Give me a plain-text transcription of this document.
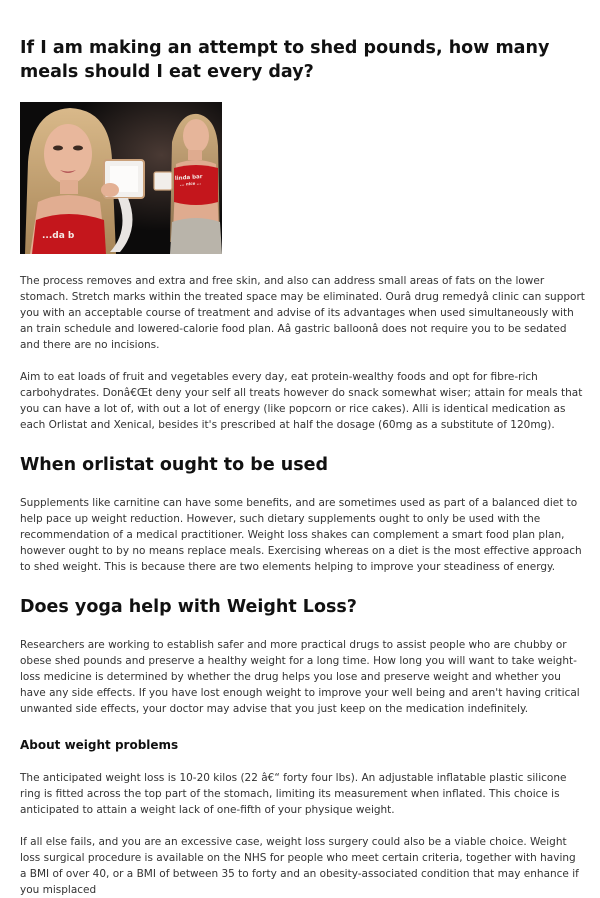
If I am making an attempt to shed pounds, how many meals should I eat every day?
linda bar
... nice ...
...da b

The process removes and extra and free skin, and also can address small areas of fats on the lower stomach. Stretch marks within the treated space may be eliminated. Ourâ drug remedyâ clinic can support you with an acceptable course of treatment and advise of its advantages when used simultaneously with an train schedule and lowered-calorie food plan. Aâ gastric balloonâ does not require you to be sedated and there are no incisions.

Aim to eat loads of fruit and vegetables every day, eat protein-wealthy foods and opt for fibre-rich carbohydrates. Donâ€Œt deny your self all treats however do snack somewhat wiser; attain for meals that you can have a lot of, with out a lot of energy (like popcorn or rice cakes). Alli is identical medication as each Orlistat and Xenical, besides it's prescribed at half the dosage (60mg as a substitute of 120mg).

When orlistat ought to be used

Supplements like carnitine can have some benefits, and are sometimes used as part of a balanced diet to help pace up weight reduction. However, such dietary supplements ought to only be used with the recommendation of a medical practitioner. Weight loss shakes can complement a smart food plan plan, however ought to by no means replace meals. Exercising whereas on a diet is the most effective approach to shed weight. This is because there are two elements helping to improve your steadiness of energy.

Does yoga help with Weight Loss?

Researchers are working to establish safer and more practical drugs to assist people who are chubby or obese shed pounds and preserve a healthy weight for a long time. How long you will want to take weight-loss medicine is determined by whether the drug helps you lose and preserve weight and whether you have any side effects. If you have lost enough weight to improve your well being and aren't having critical unwanted side effects, your doctor may advise that you just keep on the medication indefinitely.

About weight problems

The anticipated weight loss is 10-20 kilos (22 â€“ forty four lbs). An adjustable inflatable plastic silicone ring is fitted across the top part of the stomach, limiting its measurement when inflated. This choice is anticipated to attain a weight lack of one-fifth of your physique weight.

If all else fails, and you are an excessive case, weight loss surgery could also be a viable choice. Weight loss surgical procedure is available on the NHS for people who meet certain criteria, together with having a BMI of over 40, or a BMI of between 35 to forty and an obesity-associated condition that may enhance if you misplaced
